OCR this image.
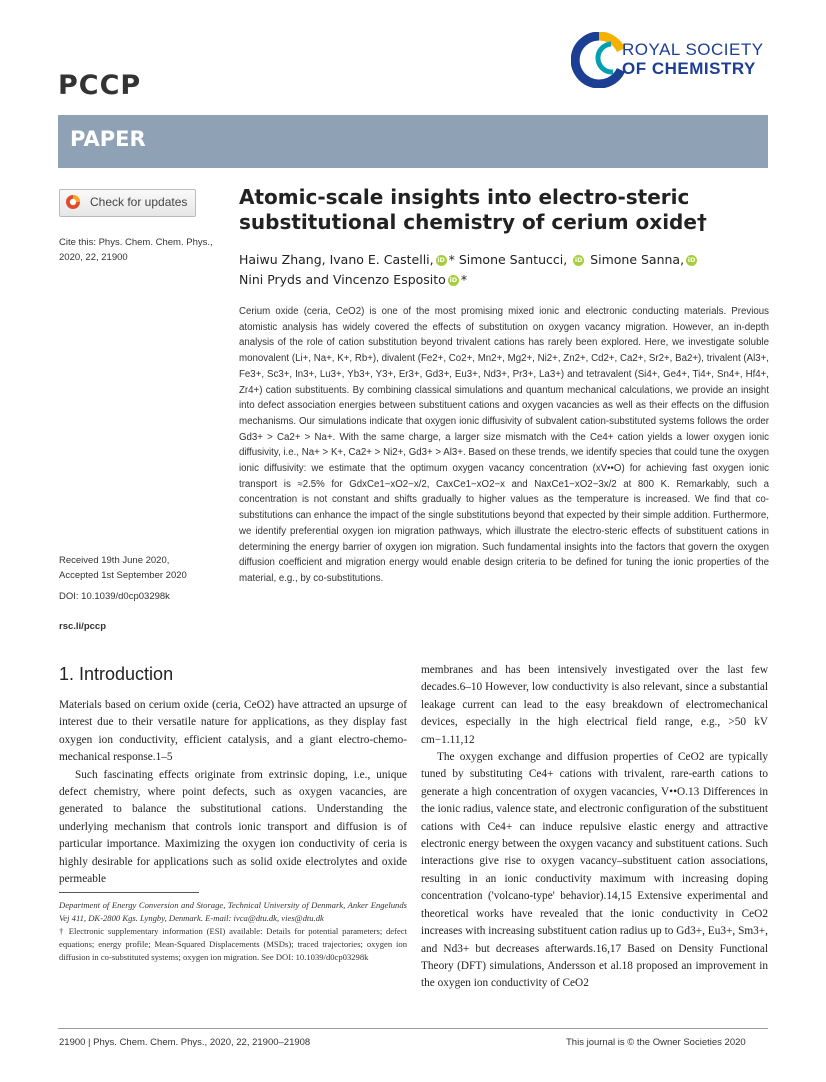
PCCP
ROYAL SOCIETY
OF CHEMISTRY
PAPER
Check for updates
Cite this: Phys. Chem. Chem. Phys.,
2020, 22, 21900
Received 19th June 2020,
Accepted 1st September 2020
DOI: 10.1039/d0cp03298k
rsc.li/pccp
Atomic-scale insights into electro-steric substitutional chemistry of cerium oxide†
Haiwu Zhang, Ivano E. Castelli, iD * Simone Santucci, iD Simone Sanna, iD
Nini Pryds and Vincenzo Esposito iD *
Cerium oxide (ceria, CeO2) is one of the most promising mixed ionic and electronic conducting materials. Previous atomistic analysis has widely covered the effects of substitution on oxygen vacancy migration. However, an in-depth analysis of the role of cation substitution beyond trivalent cations has rarely been explored. Here, we investigate soluble monovalent (Li+, Na+, K+, Rb+), divalent (Fe2+, Co2+, Mn2+, Mg2+, Ni2+, Zn2+, Cd2+, Ca2+, Sr2+, Ba2+), trivalent (Al3+, Fe3+, Sc3+, In3+, Lu3+, Yb3+, Y3+, Er3+, Gd3+, Eu3+, Nd3+, Pr3+, La3+) and tetravalent (Si4+, Ge4+, Ti4+, Sn4+, Hf4+, Zr4+) cation substituents. By combining classical simulations and quantum mechanical calculations, we provide an insight into defect association energies between substituent cations and oxygen vacancies as well as their effects on the diffusion mechanisms. Our simulations indicate that oxygen ionic diffusivity of subvalent cation-substituted systems follows the order Gd3+ > Ca2+ > Na+. With the same charge, a larger size mismatch with the Ce4+ cation yields a lower oxygen ionic diffusivity, i.e., Na+ > K+, Ca2+ > Ni2+, Gd3+ > Al3+. Based on these trends, we identify species that could tune the oxygen ionic diffusivity: we estimate that the optimum oxygen vacancy concentration (xV••O) for achieving fast oxygen ionic transport is ≈2.5% for GdxCe1−xO2−x/2, CaxCe1−xO2−x and NaxCe1−xO2−3x/2 at 800 K. Remarkably, such a concentration is not constant and shifts gradually to higher values as the temperature is increased. We find that co-substitutions can enhance the impact of the single substitutions beyond that expected by their simple addition. Furthermore, we identify preferential oxygen ion migration pathways, which illustrate the electro-steric effects of substituent cations in determining the energy barrier of oxygen ion migration. Such fundamental insights into the factors that govern the oxygen diffusion coefficient and migration energy would enable design criteria to be defined for tuning the ionic properties of the material, e.g., by co-substitutions.
1. Introduction

Materials based on cerium oxide (ceria, CeO2) have attracted an upsurge of interest due to their versatile nature for applications, as they display fast oxygen ion conductivity, efficient catalysis, and a giant electro-chemo-mechanical response.1–5

Such fascinating effects originate from extrinsic doping, i.e., unique defect chemistry, where point defects, such as oxygen vacancies, are generated to balance the substitutional cations. Understanding the underlying mechanism that controls ionic transport and diffusion is of particular importance. Maximizing the oxygen ion conductivity of ceria is highly desirable for applications such as solid oxide electrolytes and oxide permeable

Department of Energy Conversion and Storage, Technical University of Denmark, Anker Engelunds Vej 411, DK-2800 Kgs. Lyngby, Denmark. E-mail: ivca@dtu.dk, vies@dtu.dk

† Electronic supplementary information (ESI) available: Details for potential parameters; defect equations; energy profile; Mean-Squared Displacements (MSDs); traced trajectories; oxygen ion diffusion in co-substituted systems; oxygen ion migration. See DOI: 10.1039/d0cp03298k

membranes and has been intensively investigated over the last few decades.6–10 However, low conductivity is also relevant, since a substantial leakage current can lead to the easy breakdown of electromechanical devices, especially in the high electrical field range, e.g., >50 kV cm−1.11,12

The oxygen exchange and diffusion properties of CeO2 are typically tuned by substituting Ce4+ cations with trivalent, rare-earth cations to generate a high concentration of oxygen vacancies, V••O.13 Differences in the ionic radius, valence state, and electronic configuration of the substituent cations with Ce4+ can induce repulsive elastic energy and attractive electronic energy between the oxygen vacancy and substituent cations. Such interactions give rise to oxygen vacancy–substituent cation associations, resulting in an ionic conductivity maximum with increasing doping concentration ('volcano-type' behavior).14,15 Extensive experimental and theoretical works have revealed that the ionic conductivity in CeO2 increases with increasing substituent cation radius up to Gd3+, Eu3+, Sm3+, and Nd3+ but decreases afterwards.16,17 Based on Density Functional Theory (DFT) simulations, Andersson et al.18 proposed an improvement in the oxygen ion conductivity of CeO2

21900 | Phys. Chem. Chem. Phys., 2020, 22, 21900–21908	This journal is © the Owner Societies 2020
